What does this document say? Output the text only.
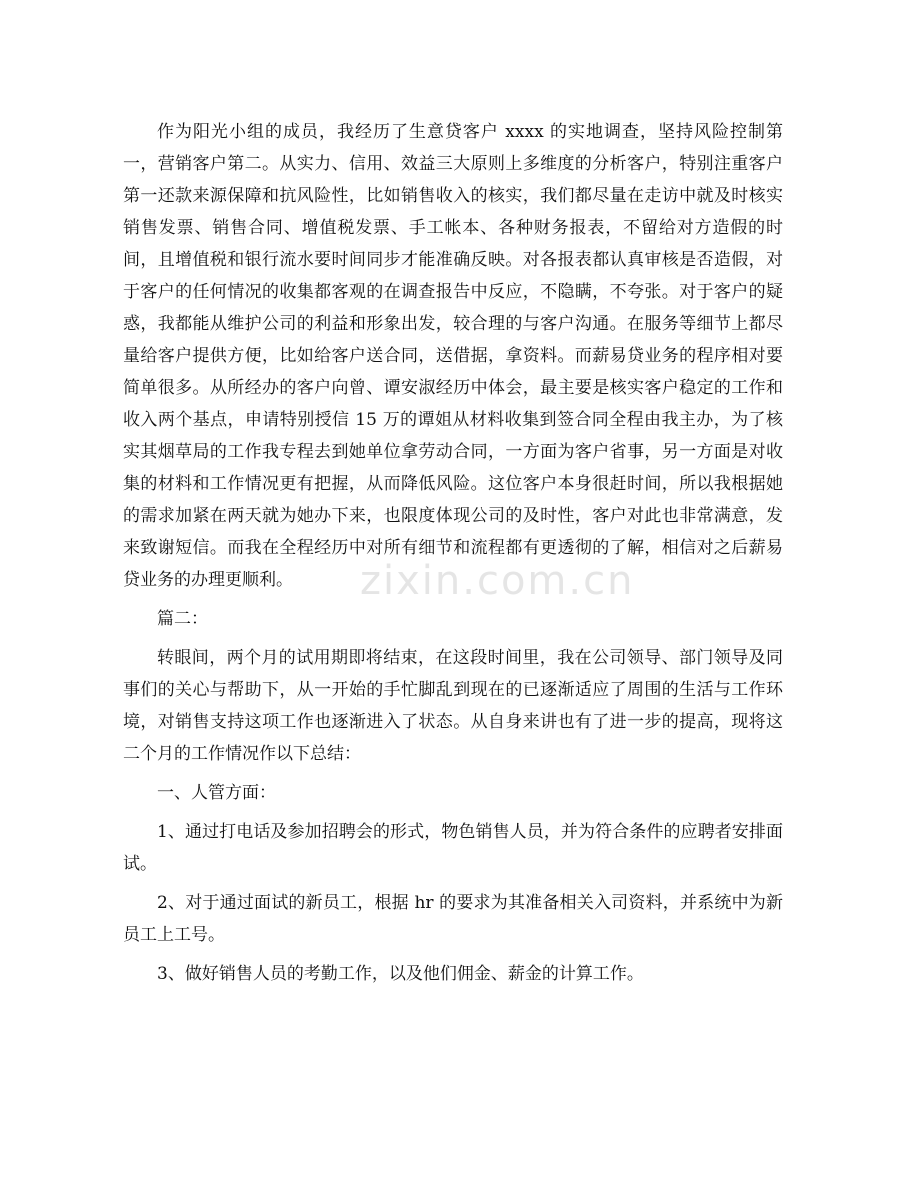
作为阳光小组的成员，我经历了生意贷客户 xxxx 的实地调查，坚持风险控制第一，营销客户第二。从实力、信用、效益三大原则上多维度的分析客户，特别注重客户第一还款来源保障和抗风险性，比如销售收入的核实，我们都尽量在走访中就及时核实销售发票、销售合同、增值税发票、手工帐本、各种财务报表，不留给对方造假的时间，且增值税和银行流水要时间同步才能准确反映。对各报表都认真审核是否造假，对于客户的任何情况的收集都客观的在调查报告中反应，不隐瞒，不夸张。对于客户的疑惑，我都能从维护公司的利益和形象出发，较合理的与客户沟通。在服务等细节上都尽量给客户提供方便，比如给客户送合同，送借据，拿资料。而薪易贷业务的程序相对要简单很多。从所经办的客户向曾、谭安淑经历中体会，最主要是核实客户稳定的工作和收入两个基点，申请特别授信 15 万的谭姐从材料收集到签合同全程由我主办，为了核实其烟草局的工作我专程去到她单位拿劳动合同，一方面为客户省事，另一方面是对收集的材料和工作情况更有把握，从而降低风险。这位客户本身很赶时间，所以我根据她的需求加紧在两天就为她办下来，也限度体现公司的及时性，客户对此也非常满意，发来致谢短信。而我在全程经历中对所有细节和流程都有更透彻的了解，相信对之后薪易贷业务的办理更顺利。

篇二：

转眼间，两个月的试用期即将结束，在这段时间里，我在公司领导、部门领导及同事们的关心与帮助下，从一开始的手忙脚乱到现在的已逐渐适应了周围的生活与工作环境，对销售支持这项工作也逐渐进入了状态。从自身来讲也有了进一步的提高，现将这二个月的工作情况作以下总结：

一、人管方面：

1、通过打电话及参加招聘会的形式，物色销售人员，并为符合条件的应聘者安排面试。

2、对于通过面试的新员工，根据 hr 的要求为其准备相关入司资料，并系统中为新员工上工号。

3、做好销售人员的考勤工作，以及他们佣金、薪金的计算工作。

zixin.com.cn
